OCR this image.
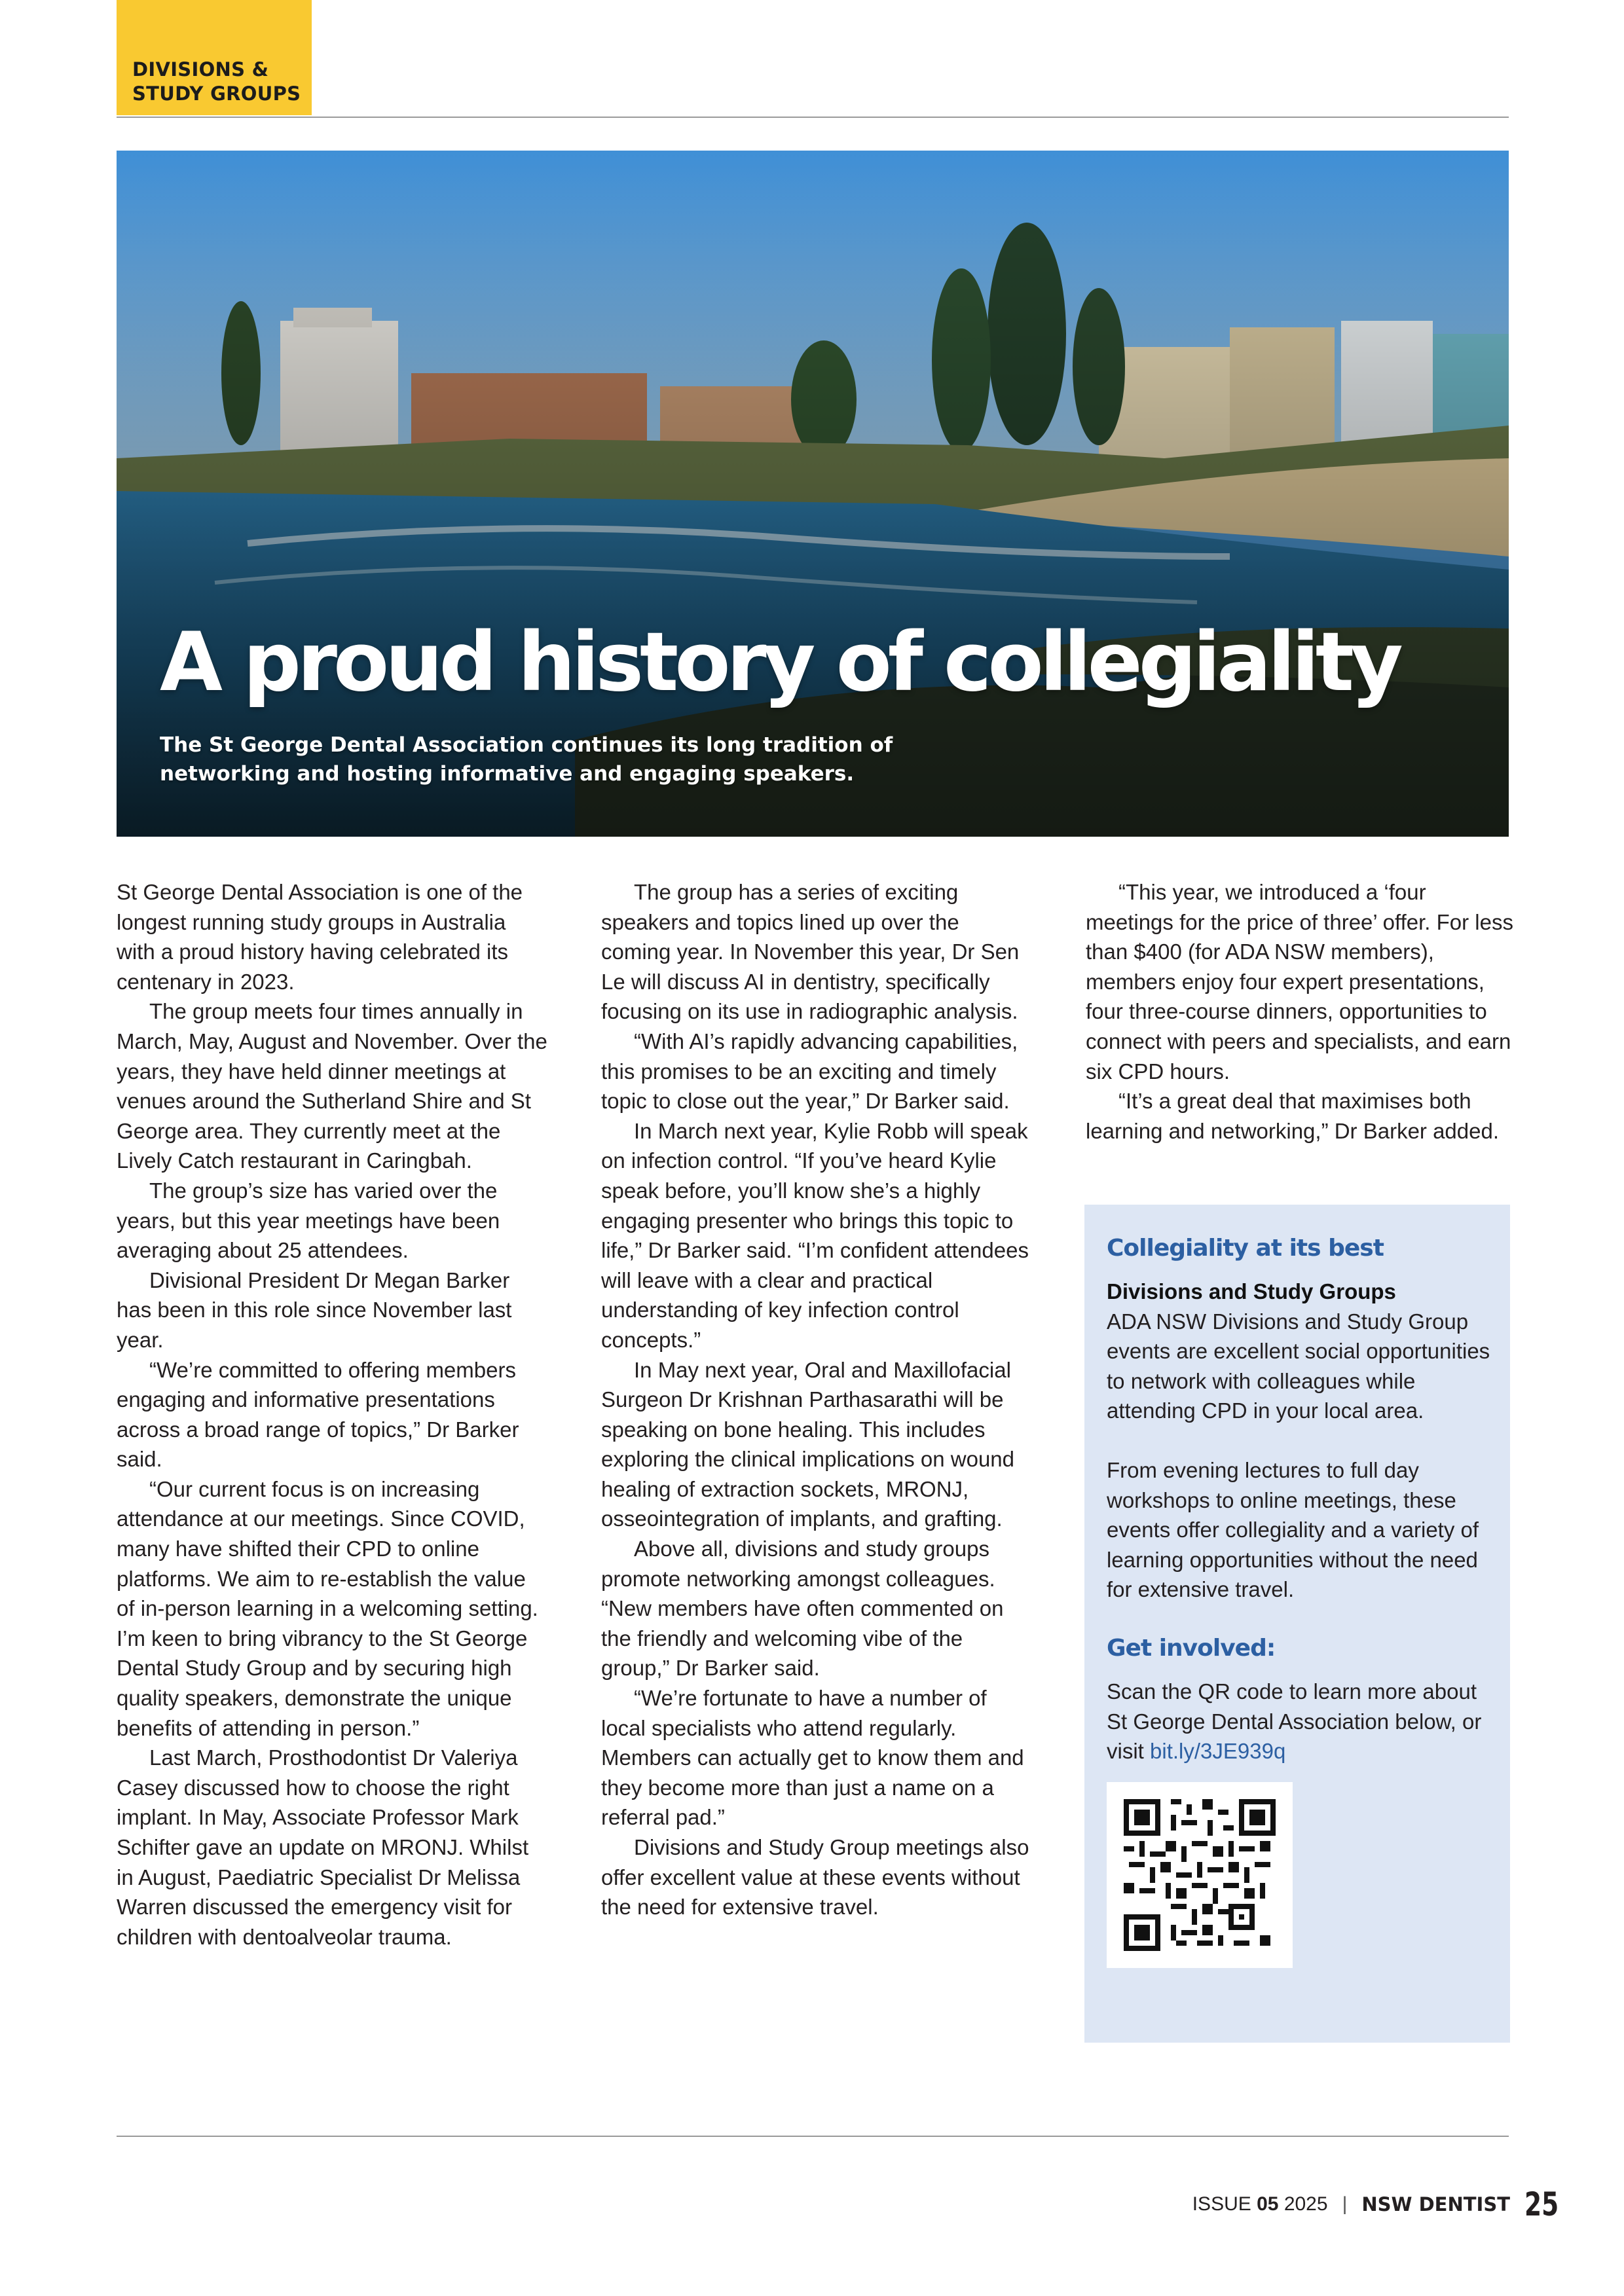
DIVISIONS &
STUDY GROUPS
A proud history of collegiality
The St George Dental Association continues its long tradition of
networking and hosting informative and engaging speakers.

St George Dental Association is one of the longest running study groups in Australia with a proud history having celebrated its centenary in 2023.

The group meets four times annually in March, May, August and November. Over the years, they have held dinner meetings at venues around the Sutherland Shire and St George area. They currently meet at the Lively Catch restaurant in Caringbah.

The group’s size has varied over the years, but this year meetings have been averaging about 25 attendees.

Divisional President Dr Megan Barker has been in this role since November last year.

“We’re committed to offering members engaging and informative presentations across a broad range of topics,” Dr Barker said.

“Our current focus is on increasing attendance at our meetings. Since COVID, many have shifted their CPD to online platforms. We aim to re-establish the value of in-person learning in a welcoming setting. I’m keen to bring vibrancy to the St George Dental Study Group and by securing high quality speakers, demonstrate the unique benefits of attending in person.”

Last March, Prosthodontist Dr Valeriya Casey discussed how to choose the right implant. In May, Associate Professor Mark Schifter gave an update on MRONJ. Whilst in August, Paediatric Specialist Dr Melissa Warren discussed the emergency visit for children with dentoalveolar trauma.

The group has a series of exciting speakers and topics lined up over the coming year. In November this year, Dr Sen Le will discuss AI in dentistry, specifically focusing on its use in radiographic analysis.

“With AI’s rapidly advancing capabilities, this promises to be an exciting and timely topic to close out the year,” Dr Barker said.

In March next year, Kylie Robb will speak on infection control. “If you’ve heard Kylie speak before, you’ll know she’s a highly engaging presenter who brings this topic to life,” Dr Barker said. “I’m confident attendees will leave with a clear and practical understanding of key infection control concepts.”

In May next year, Oral and Maxillofacial Surgeon Dr Krishnan Parthasarathi will be speaking on bone healing. This includes exploring the clinical implications on wound healing of extraction sockets, MRONJ, osseointegration of implants, and grafting.

Above all, divisions and study groups promote networking amongst colleagues. “New members have often commented on the friendly and welcoming vibe of the group,” Dr Barker said.

“We’re fortunate to have a number of local specialists who attend regularly. Members can actually get to know them and they become more than just a name on a referral pad.”

Divisions and Study Group meetings also offer excellent value at these events without the need for extensive travel.

“This year, we introduced a ‘four meetings for the price of three’ offer. For less than $400 (for ADA NSW members), members enjoy four expert presentations, four three-course dinners, opportunities to connect with peers and specialists, and earn six CPD hours.

“It’s a great deal that maximises both learning and networking,” Dr Barker added.

Collegiality at its best
Divisions and Study Groups
ADA NSW Divisions and Study Group events are excellent social opportunities to network with colleagues while attending CPD in your local area.
From evening lectures to full day workshops to online meetings, these events offer collegiality and a variety of learning opportunities without the need for extensive travel.
Get involved:
Scan the QR code to learn more about St George Dental Association below, or visit bit.ly/3JE939q
ISSUE 05 2025 | NSW DENTIST 25
